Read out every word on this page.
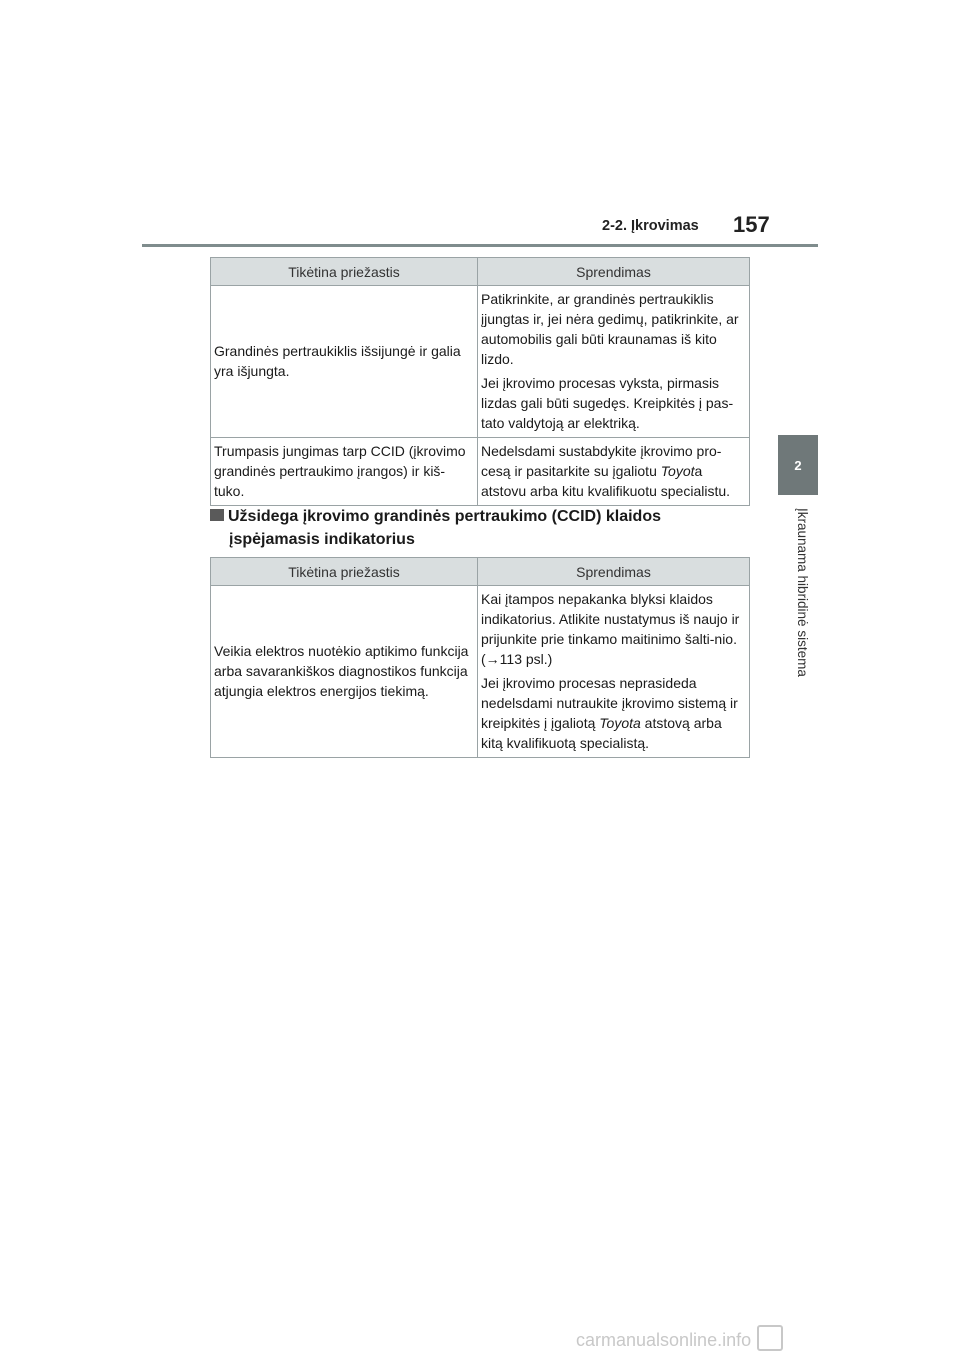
2-2. Įkrovimas 157
2
Įkraunama hibridinė sistema
Tikėtina priežastis	Sprendimas
Grandinės pertraukiklis išsijungė ir galia yra išjungta.	Patikrinkite, ar grandinės pertraukiklis įjungtas ir, jei nėra gedimų, patikrinkite, ar automobilis gali būti kraunamas iš kito lizdo.

Jei įkrovimo procesas vyksta, pirmasis lizdas gali būti sugedęs. Kreipkitės į pas-tato valdytoją ar elektriką.

Trumpasis jungimas tarp CCID (įkrovimo grandinės pertraukimo įrangos) ir kiš-tuko.	Nedelsdami sustabdykite įkrovimo pro-cesą ir pasitarkite su įgaliotu Toyota atstovu arba kitu kvalifikuotu specialistu.
Užsidega įkrovimo grandinės pertraukimo (CCID) klaidos
įspėjamasis indikatorius
Tikėtina priežastis	Sprendimas
Veikia elektros nuotėkio aptikimo funkcija arba savarankiškos diagnostikos funkcija atjungia elektros energijos tiekimą.	Kai įtampos nepakanka blyksi klaidos indikatorius. Atlikite nustatymus iš naujo ir prijunkite prie tinkamo maitinimo šalti-nio. (→113 psl.)

Jei įkrovimo procesas neprasideda nedelsdami nutraukite įkrovimo sistemą ir kreipkitės į įgaliotą Toyota atstovą arba kitą kvalifikuotą specialistą.

carmanualsonline.info
